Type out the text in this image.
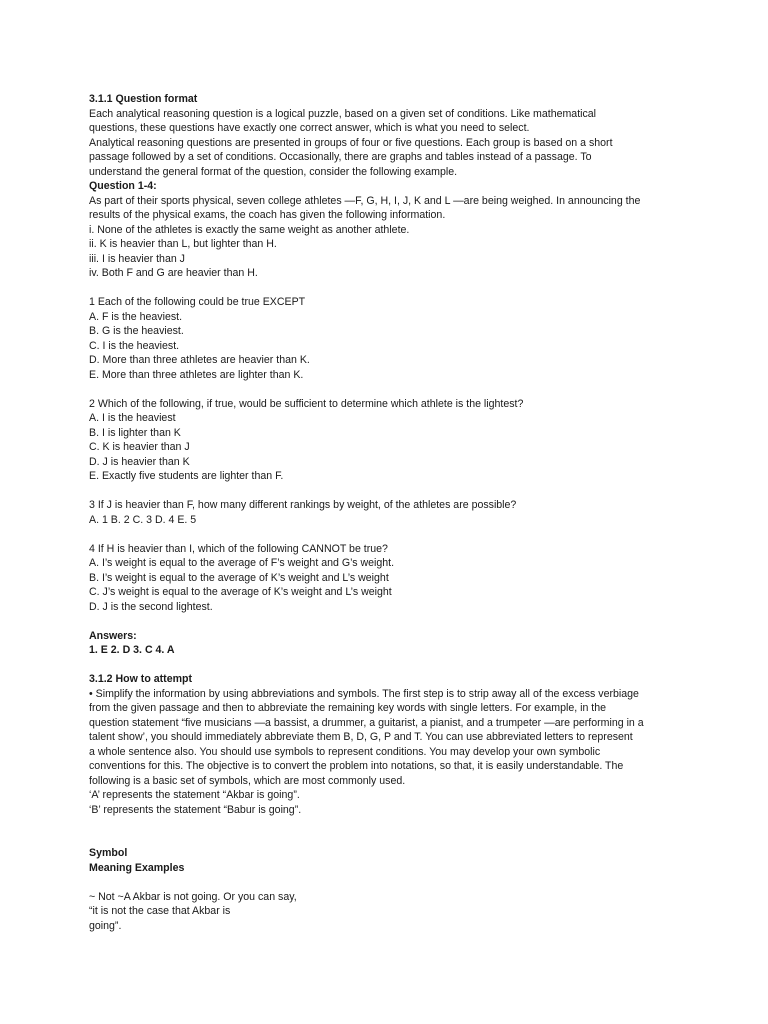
3.1.1 Question format
Each analytical reasoning question is a logical puzzle, based on a given set of conditions. Like mathematical
questions, these questions have exactly one correct answer, which is what you need to select.
Analytical reasoning questions are presented in groups of four or five questions. Each group is based on a short
passage followed by a set of conditions. Occasionally, there are graphs and tables instead of a passage. To
understand the general format of the question, consider the following example.
Question 1-4:
As part of their sports physical, seven college athletes —F, G, H, I, J, K and L —are being weighed. In announcing the
results of the physical exams, the coach has given the following information.
i. None of the athletes is exactly the same weight as another athlete.
ii. K is heavier than L, but lighter than H.
iii. I is heavier than J
iv. Both F and G are heavier than H.
1 Each of the following could be true EXCEPT
A. F is the heaviest.
B. G is the heaviest.
C. I is the heaviest.
D. More than three athletes are heavier than K.
E. More than three athletes are lighter than K.
2 Which of the following, if true, would be sufficient to determine which athlete is the lightest?
A. I is the heaviest
B. I is lighter than K
C. K is heavier than J
D. J is heavier than K
E. Exactly five students are lighter than F.
3 If J is heavier than F, how many different rankings by weight, of the athletes are possible?
A. 1 B. 2 C. 3 D. 4 E. 5
4 If H is heavier than I, which of the following CANNOT be true?
A. I’s weight is equal to the average of F’s weight and G’s weight.
B. I’s weight is equal to the average of K’s weight and L’s weight
C. J’s weight is equal to the average of K’s weight and L’s weight
D. J is the second lightest.
Answers:
1. E 2. D 3. C 4. A
3.1.2 How to attempt
• Simplify the information by using abbreviations and symbols. The first step is to strip away all of the excess verbiage
from the given passage and then to abbreviate the remaining key words with single letters. For example, in the
question statement “five musicians —a bassist, a drummer, a guitarist, a pianist, and a trumpeter —are performing in a
talent show’, you should immediately abbreviate them B, D, G, P and T. You can use abbreviated letters to represent
a whole sentence also. You should use symbols to represent conditions. You may develop your own symbolic
conventions for this. The objective is to convert the problem into notations, so that, it is easily understandable. The
following is a basic set of symbols, which are most commonly used.
‘A’ represents the statement “Akbar is going”.
‘B’ represents the statement “Babur is going”.
Symbol
Meaning Examples
~ Not ~A Akbar is not going. Or you can say,
“it is not the case that Akbar is
going”.
